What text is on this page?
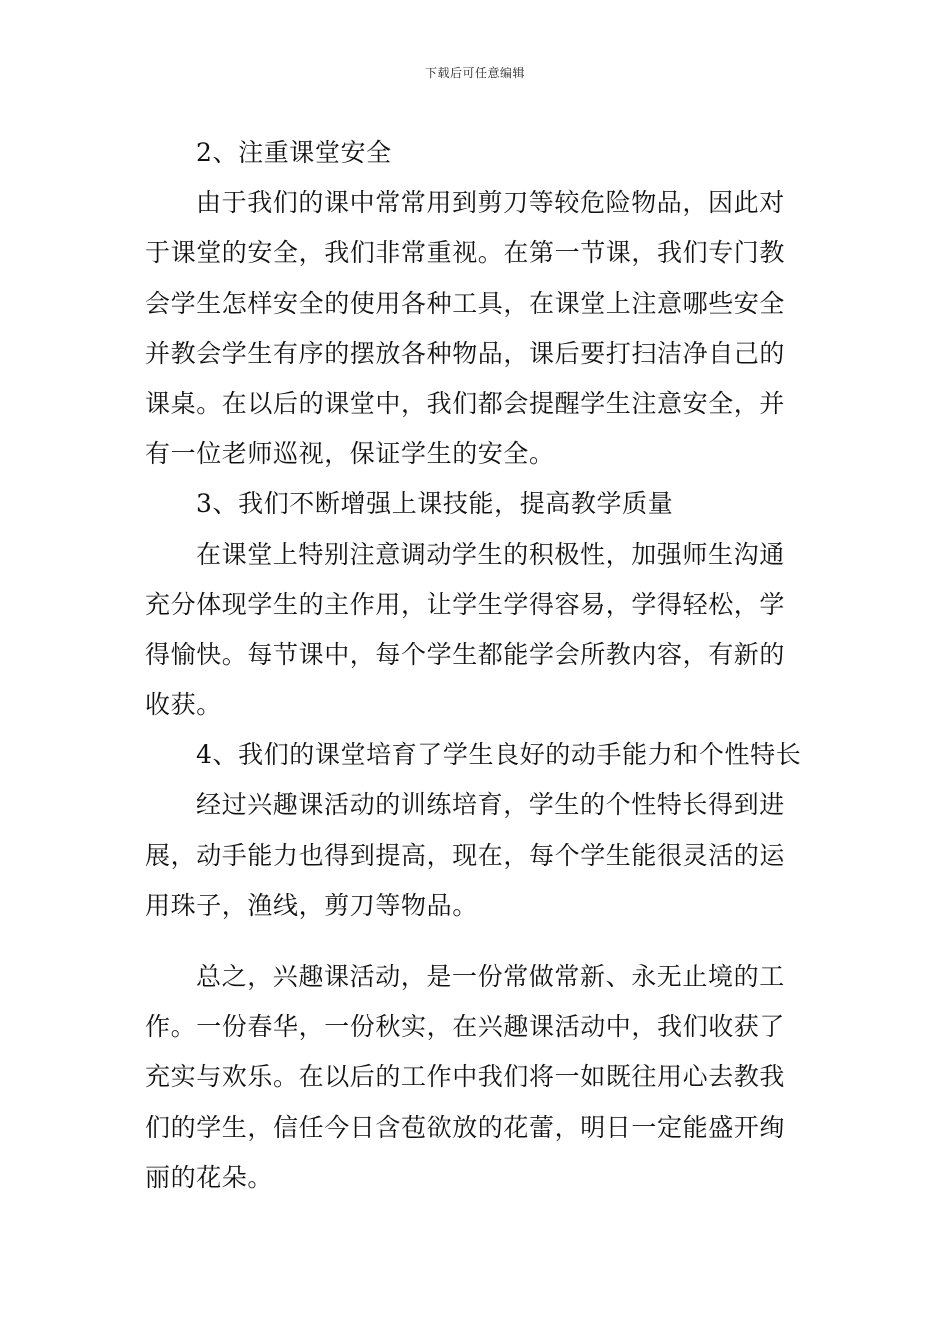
下载后可任意编辑
2、注重课堂安全
由于我们的课中常常用到剪刀等较危险物品，因此对
于课堂的安全，我们非常重视。在第一节课，我们专门教
会学生怎样安全的使用各种工具，在课堂上注意哪些安全
并教会学生有序的摆放各种物品，课后要打扫洁净自己的
课桌。在以后的课堂中，我们都会提醒学生注意安全，并
有一位老师巡视，保证学生的安全。
3、我们不断增强上课技能，提高教学质量
在课堂上特别注意调动学生的积极性，加强师生沟通
充分体现学生的主作用，让学生学得容易，学得轻松，学
得愉快。每节课中，每个学生都能学会所教内容，有新的
收获。
4、我们的课堂培育了学生良好的动手能力和个性特长
经过兴趣课活动的训练培育，学生的个性特长得到进
展，动手能力也得到提高，现在，每个学生能很灵活的运
用珠子，渔线，剪刀等物品。
总之，兴趣课活动，是一份常做常新、永无止境的工
作。一份春华，一份秋实，在兴趣课活动中，我们收获了
充实与欢乐。在以后的工作中我们将一如既往用心去教我
们的学生，信任今日含苞欲放的花蕾，明日一定能盛开绚
丽的花朵。
